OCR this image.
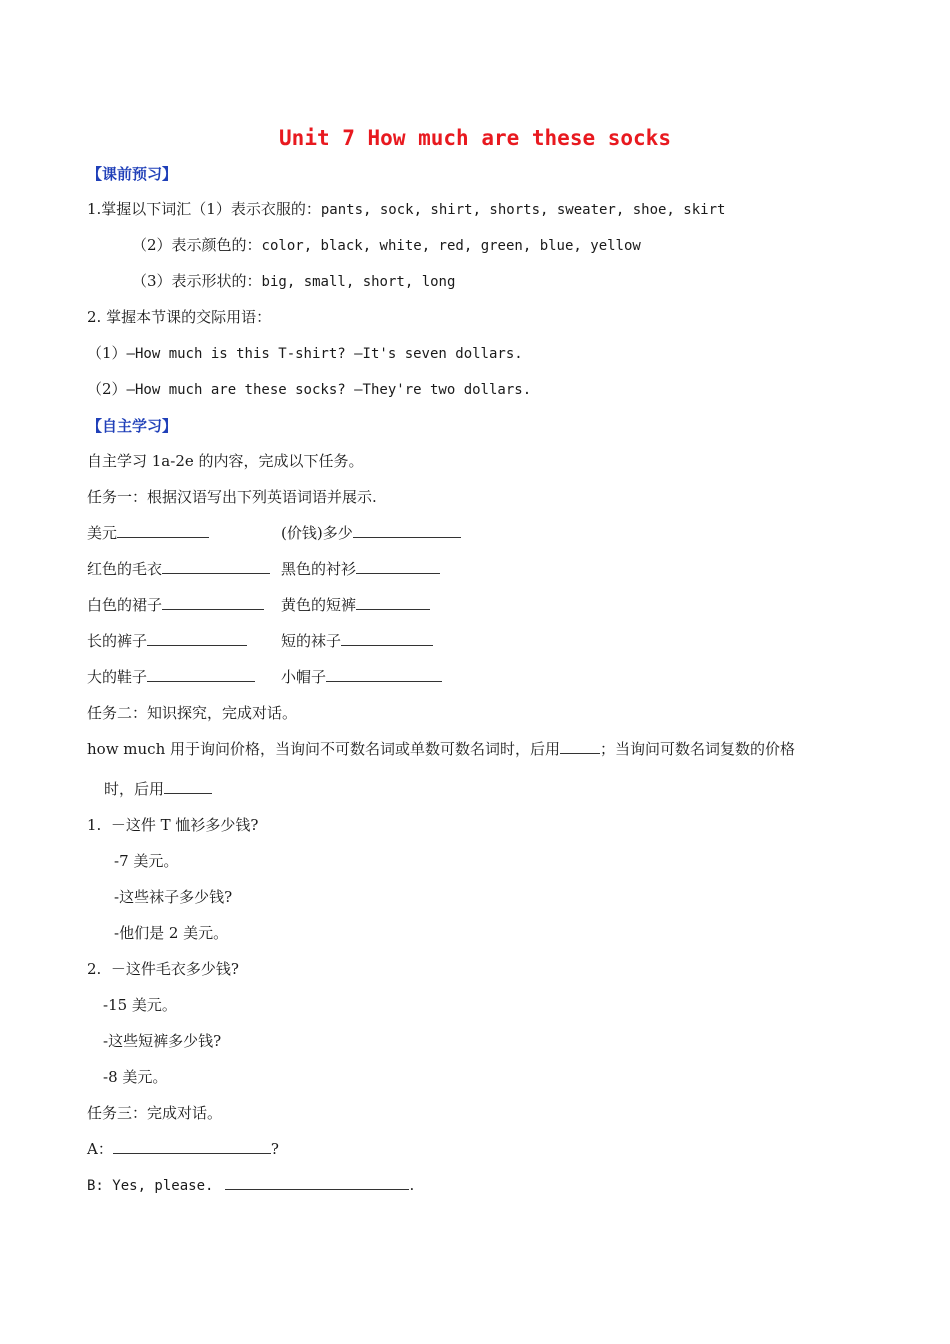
Unit 7 How much are these socks
【课前预习】
1.掌握以下词汇（1）表示衣服的：pants, sock, shirt, shorts, sweater, shoe, skirt
（2）表示颜色的：color, black, white, red, green, blue, yellow
（3）表示形状的：big, small, short, long
2. 掌握本节课的交际用语：
（1）—How much is this T-shirt? —It's seven dollars.
（2）—How much are these socks? —They're two dollars.
【自主学习】
自主学习 1a-2e 的内容，完成以下任务。
任务一：根据汉语写出下列英语词语并展示.
美元	(价钱)多少
红色的毛衣	黑色的衬衫
白色的裙子	黄色的短裤
长的裤子	短的袜子
大的鞋子	小帽子
任务二：知识探究，完成对话。
how much 用于询问价格，当询问不可数名词或单数可数名词时，后用	；当询问可数名词复数的价格
时，后用
1.  －这件 T 恤衫多少钱?
-7 美元。
-这些袜子多少钱?
-他们是 2 美元。
2.  －这件毛衣多少钱?
-15 美元。
-这些短裤多少钱?
-8 美元。
任务三：完成对话。
A：	?
B: Yes, please.	.
